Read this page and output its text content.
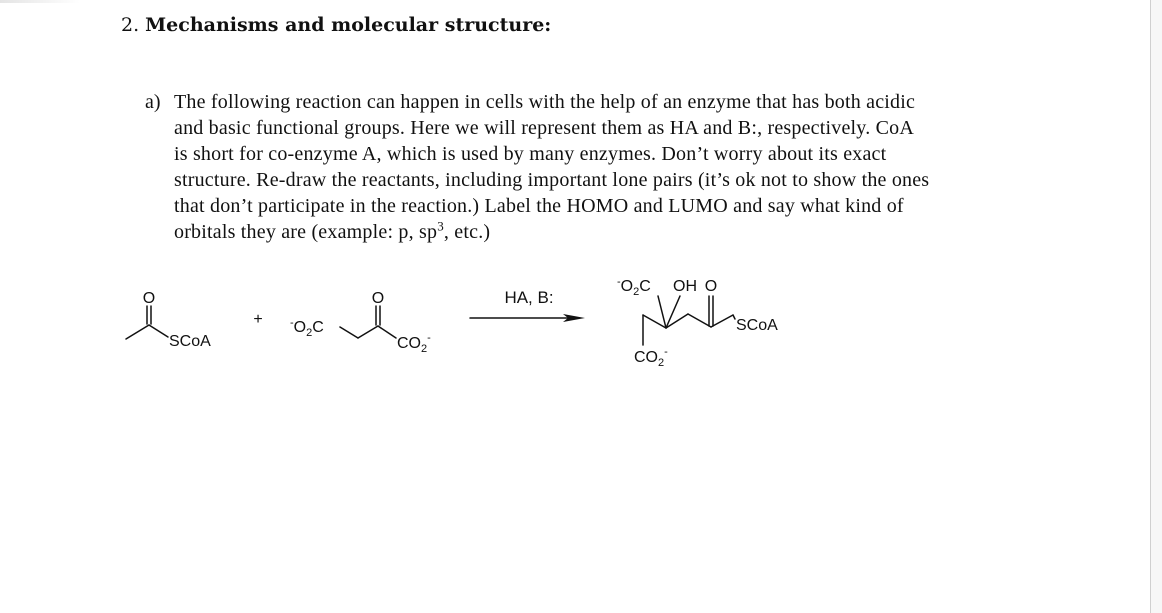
2. Mechanisms and molecular structure:
a) The following reaction can happen in cells with the help of an enzyme that has both acidic
and basic functional groups. Here we will represent them as HA and B:, respectively. CoA
is short for co-enzyme A, which is used by many enzymes. Don’t worry about its exact
structure. Re-draw the reactants, including important lone pairs (it’s ok not to show the ones
that don’t participate in the reaction.) Label the HOMO and LUMO and say what kind of
orbitals they are (example: p, $sp^3$, etc.)
O
SCoA
+ $^-O_2C$
O
$CO_2^-$
HA, B:
$^-O_2C$ OH O
SCoA
$CO_2^-$
